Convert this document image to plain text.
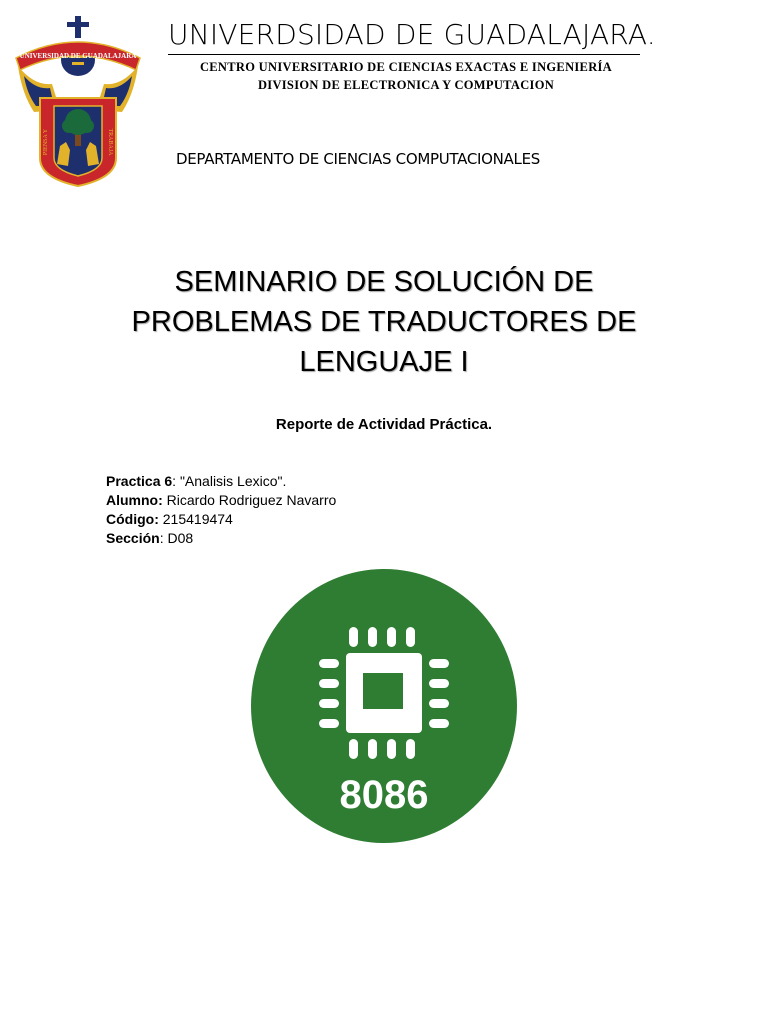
UNIVERSIDAD DE GUADALAJARA
PIENSA Y	TRABAJA
UNIVERDSIDAD DE GUADALAJARA.
CENTRO UNIVERSITARIO DE CIENCIAS EXACTAS E INGENIERÍA
DIVISION DE ELECTRONICA Y COMPUTACION
DEPARTAMENTO DE CIENCIAS COMPUTACIONALES
SEMINARIO DE SOLUCIÓN DE
PROBLEMAS DE TRADUCTORES DE
LENGUAJE I
Reporte de Actividad Práctica.
Practica 6: "Analisis Lexico".
Alumno: Ricardo Rodriguez Navarro
Código: 215419474
Sección: D08
8086
